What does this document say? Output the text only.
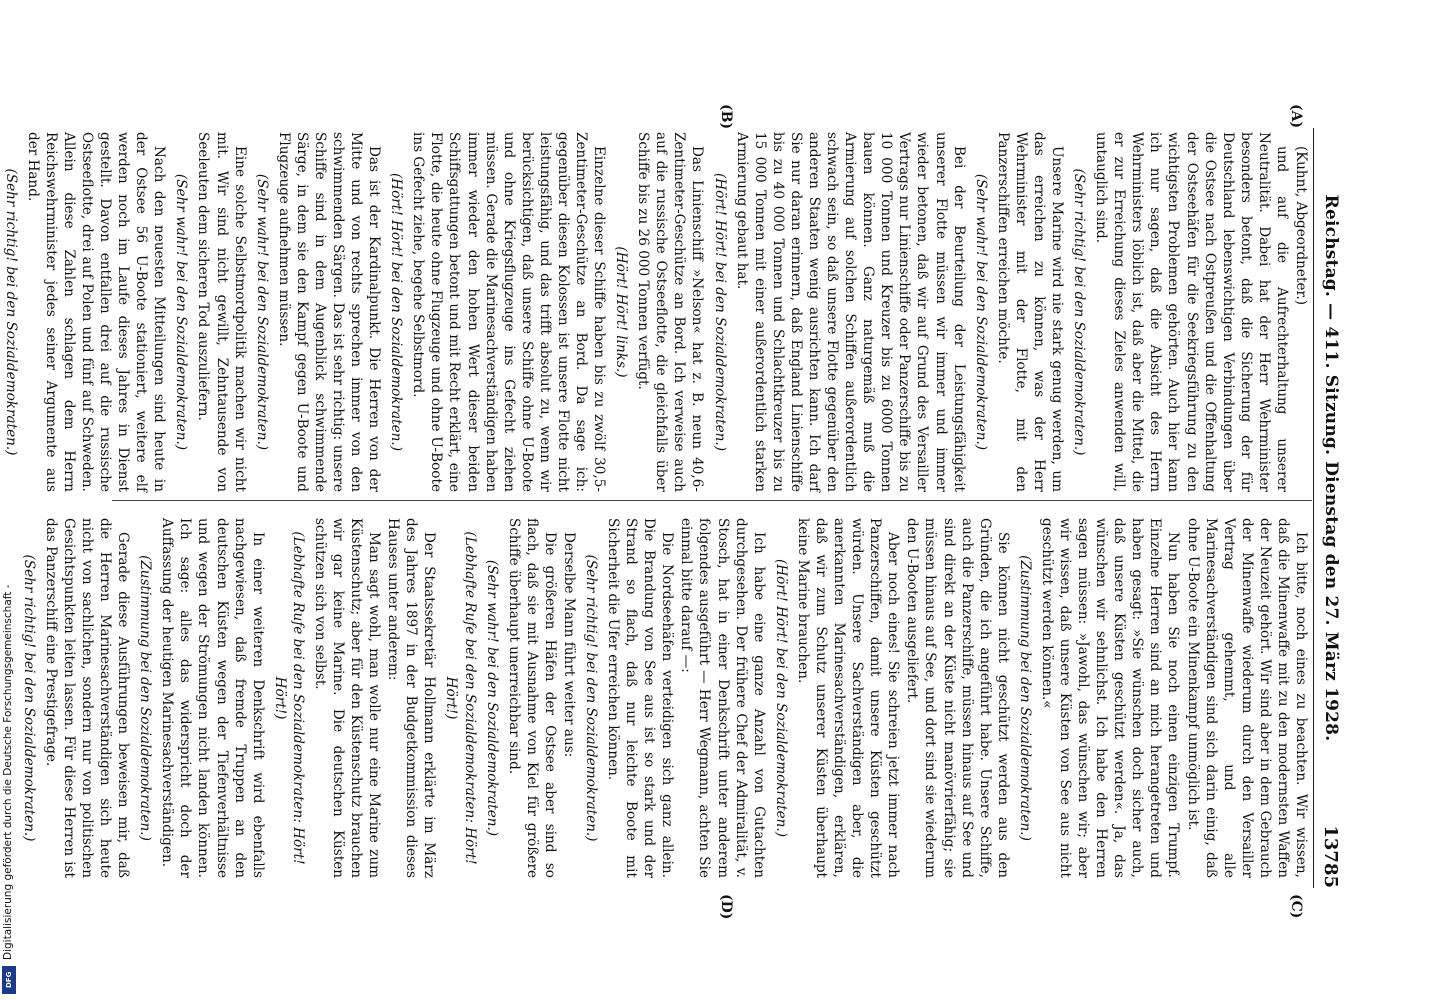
Reichstag. — 411. Sitzung. Dienstag den 27. März 1928.
13785
(A)
(B)
(C)
(D)

(Kuhnt, Abgeordneter.)

und auf die Aufrechterhaltung unserer Neutralität. Dabei hat der Herr Wehrminister besonders betont, daß die Sicherung der für Deutschland lebenswichtigen Verbindungen über die Ostsee nach Ostpreußen und die Offenhaltung der Ostseehäfen für die Seekriegsführung zu den wichtigsten Problemen gehörten. Auch hier kann ich nur sagen, daß die Absicht des Herrn Wehrministers löblich ist, daß aber die Mittel, die er zur Erreichung dieses Zieles anwenden will, untauglich sind.

(Sehr richtig! bei den Sozialdemokraten.)

Unsere Marine wird nie stark genug werden, um das erreichen zu können, was der Herr Wehrminister mit der Flotte, mit den Panzerschiffen erreichen möchte.

(Sehr wahr! bei den Sozialdemokraten.)

Bei der Beurteilung der Leistungsfähigkeit unserer Flotte müssen wir immer und immer wieder betonen, daß wir auf Grund des Versailler Vertrags nur Linienschiffe oder Panzerschiffe bis zu 10 000 Tonnen und Kreuzer bis zu 6000 Tonnen bauen können. Ganz naturgemäß muß die Armierung auf solchen Schiffen außerordentlich schwach sein, so daß unsere Flotte gegenüber den anderen Staaten wenig ausrichten kann. Ich darf Sie nur daran erinnern, daß England Linienschiffe bis zu 40 000 Tonnen und Schlachtkreuzer bis zu 15 000 Tonnen mit einer außerordentlich starken Armierung gebaut hat.

(Hört! Hört! bei den Sozialdemokraten.)

Das Linienschiff »Nelson« hat z. B. neun 40,6-Zentimeter-Geschütze an Bord. Ich verweise auch auf die russische Ostseeflotte, die gleichfalls über Schiffe bis zu 26 000 Tonnen verfügt.

(Hört! Hört! links.)

Einzelne dieser Schiffe haben bis zu zwölf 30,5-Zentimeter-Geschütze an Bord. Da sage ich: gegenüber diesen Kolossen ist unsere Flotte nicht leistungsfähig, und das trifft absolut zu, wenn wir berücksichtigen, daß unsere Schiffe ohne U-Boote und ohne Kriegsflugzeuge ins Gefecht ziehen müssen. Gerade die Marinesachverständigen haben immer wieder den hohen Wert dieser beiden Schiffsgattungen betont und mit Recht erklärt, eine Flotte, die heute ohne Flugzeuge und ohne U-Boote ins Gefecht ziehe, begehe Selbstmord.

(Hört! Hört! bei den Sozialdemokraten.)

Das ist der Kardinalpunkt. Die Herren von der Mitte und von rechts sprechen immer von den schwimmenden Särgen. Das ist sehr richtig: unsere Schiffe sind in dem Augenblick schwimmende Särge, in dem sie den Kampf gegen U-Boote und Flugzeuge aufnehmen müssen.

(Sehr wahr! bei den Sozialdemokraten.)

Eine solche Selbstmordpolitik machen wir nicht mit. Wir sind nicht gewillt, Zehntausende von Seeleuten dem sicheren Tod auszuliefern.

(Sehr wahr! bei den Sozialdemokraten.)

Nach den neuesten Mitteilungen sind heute in der Ostsee 56 U-Boote stationiert, weitere elf werden noch im Laufe dieses Jahres in Dienst gestellt. Davon entfallen drei auf die russische Ostseeflotte, drei auf Polen und fünf auf Schweden. Allein diese Zahlen schlagen dem Herrn Reichswehrminister jedes seiner Argumente aus der Hand.

(Sehr richtig! bei den Sozialdemokraten.)

Ich bitte, noch eines zu beachten. Wir wissen, daß die Minenwaffe mit zu den modernsten Waffen der Neuzeit gehört. Wir sind aber in dem Gebrauch der Minenwaffe wiederum durch den Versailler Vertrag gehemmt, und alle Marinesachverständigen sind sich darin einig, daß ohne U-Boote ein Minenkampf unmöglich ist.

Nun haben Sie noch einen einzigen Trumpf. Einzelne Herren sind an mich herangetreten und haben gesagt: »Sie wünschen doch sicher auch, daß unsere Küsten geschützt werden«. Ja, das wünschen wir sehnlichst. Ich habe den Herren sagen müssen: »Jawohl, das wünschen wir; aber wir wissen, daß unsere Küsten von See aus nicht geschützt werden können.«

(Zustimmung bei den Sozialdemokraten.)

Sie können nicht geschützt werden aus den Gründen, die ich angeführt habe. Unsere Schiffe, auch die Panzerschiffe, müssen hinaus auf See und sind direkt an der Küste nicht manövrierfähig; sie müssen hinaus auf See, und dort sind sie wiederum den U-Booten ausgeliefert.

Aber noch eines! Sie schreien jetzt immer nach Panzerschiffen, damit unsere Küsten geschützt würden. Unsere Sachverständigen aber, die anerkannten Marinesachverständigen, erklären, daß wir zum Schutz unserer Küsten überhaupt keine Marine brauchen.

(Hört! Hört! bei den Sozialdemokraten.)

Ich habe eine ganze Anzahl von Gutachten durchgesehen. Der frühere Chef der Admiralität, v. Stosch, hat in einer Denkschrift unter anderem folgendes ausgeführt — Herr Wegmann, achten Sie einmal bitte darauf —:

Die Nordseehäfen verteidigen sich ganz allein. Die Brandung von See aus ist so stark und der Strand so flach, daß nur leichte Boote mit Sicherheit die Ufer erreichen können.

(Sehr richtig! bei den Sozialdemokraten.)

Derselbe Mann führt weiter aus:

Die größeren Häfen der Ostsee aber sind so flach, daß sie mit Ausnahme von Kiel für größere Schiffe überhaupt unerreichbar sind.

(Sehr wahr! bei den Sozialdemokraten.)

(Lebhafte Rufe bei den Sozialdemokraten: Hört! Hört!)

Der Staatssekretär Hollmann erklärte im März des Jahres 1897 in der Budgetkommission dieses Hauses unter anderem:

Man sagt wohl, man wolle nur eine Marine zum Küstenschutz; aber für den Küstenschutz brauchen wir gar keine Marine. Die deutschen Küsten schützen sich von selbst.

(Lebhafte Rufe bei den Sozialdemokraten: Hört! Hört!)

In einer weiteren Denkschrift wird ebenfalls nachgewiesen, daß fremde Truppen an den deutschen Küsten wegen der Tiefenverhältnisse und wegen der Strömungen nicht landen können. Ich sage: alles das widerspricht doch der Auffassung der heutigen Marinesachverständigen.

(Zustimmung bei den Sozialdemokraten.)

Gerade diese Ausführungen beweisen mir, daß die Herren Marinesachverständigen sich heute nicht von sachlichen, sondern nur von politischen Gesichtspunkten leiten lassen. Für diese Herren ist das Panzerschiff eine Prestigefrage.

(Sehr richtig! bei den Sozialdemokraten.)

Digitalisierung gefördert durch die Deutsche Forschungsgemeinschaft -
DFG
